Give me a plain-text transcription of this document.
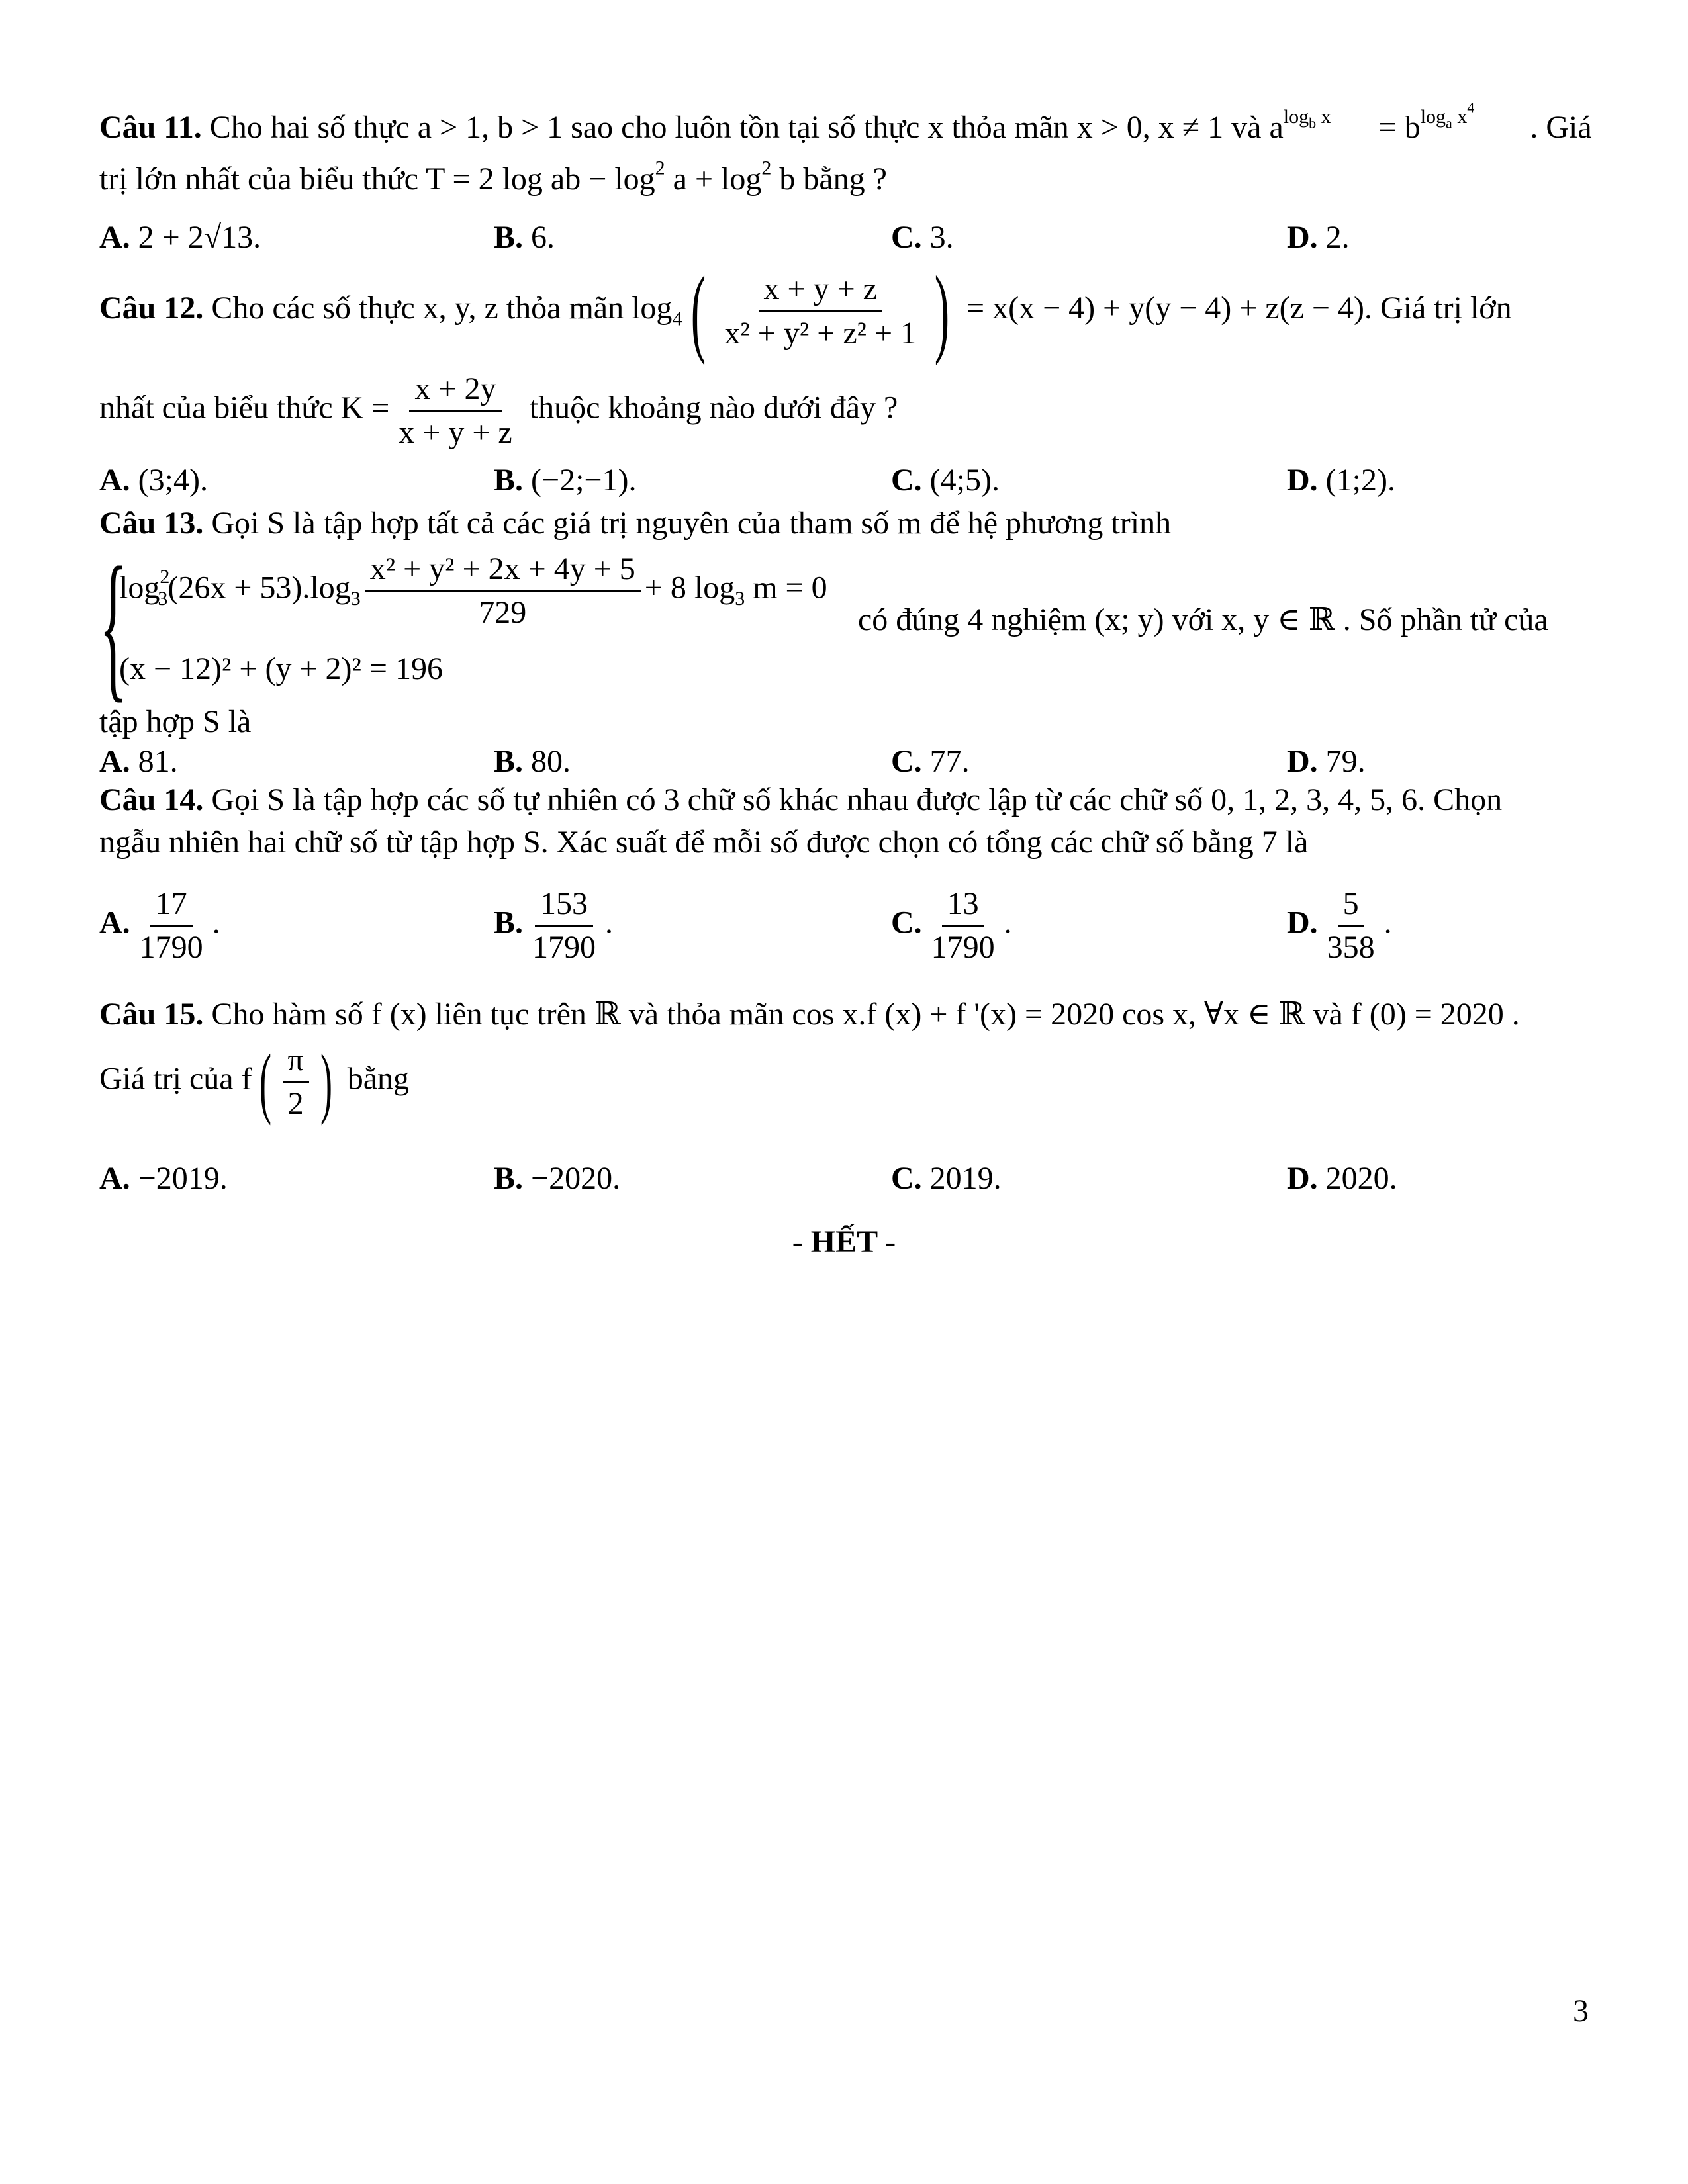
Câu 11. Cho hai số thực a > 1, b > 1 sao cho luôn tồn tại số thực x thỏa mãn x > 0, x ≠ 1 và $a^{log_b x} = b^{log_a x^4}$       . Giá
trị lớn nhất của biểu thức T = 2 log ab − $\log^2 a + \log^2 b$ bằng ?
A. 2 + 2√13.	B. 6.	C. 3.	D. 2.
Câu 12. Cho các số thực x, y, z thỏa mãn $\log_4( \frac{x + y + z}{\text{x² + y² + z² + 1}}$ ) = x(x − 4) + y(y − 4) + z(z − 4). Giá trị lớn
nhất của biểu thức $K = \frac{x + 2y}{x + y + z}$ thuộc khoảng nào dưới đây ?
A. (3;4).	B. (−2;−1).	C. (4;5).	D. (1;2).
Câu 13. Gọi S là tập hợp tất cả các giá trị nguyên của tham số m để hệ phương trình
{
$\log^2_3(26x + 53).\log_3 \frac{\text{x² + y² + 2x + 4y + 5}}{729} + 8$ $\log_3 m = 0$
(x − 12)² + (y + 2)² = 196
có đúng 4 nghiệm (x; y) với x, y ∈ ℝ . Số phần tử của
tập hợp S là
A. 81.	B. 80.	C. 77.	D. 79.
Câu 14. Gọi S là tập hợp các số tự nhiên có 3 chữ số khác nhau được lập từ các chữ số 0, 1, 2, 3, 4, 5, 6. Chọn
ngẫu nhiên hai chữ số từ tập hợp S. Xác suất để mỗi số được chọn có tổng các chữ số bằng 7 là
A. $\frac{17}{1790}$ .	B. $\frac{153}{1790}$ .	C. $\frac{13}{1790}$ .	D. $\frac{5}{358}$ .
Câu 15. Cho hàm số f (x) liên tục trên ℝ và thỏa mãn cos x.f (x) + f '(x) = 2020 cos x, ∀x ∈ ℝ và f (0) = 2020 .
Giá trị của $f( \frac{\pi}{2}$ ) bằng
A. −2019.	B. −2020.	C. 2019.	D. 2020.
- HẾT -
3
